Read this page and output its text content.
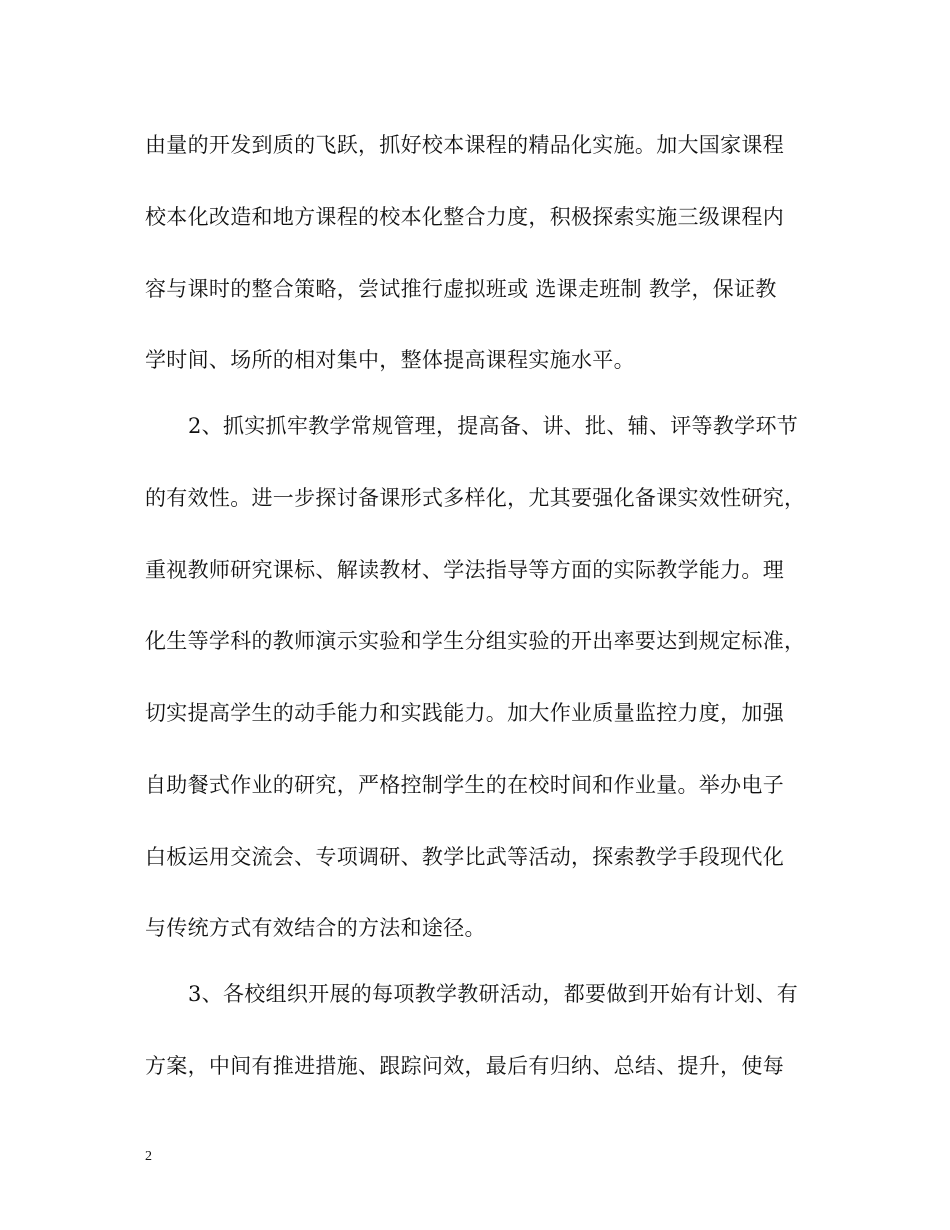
由量的开发到质的飞跃，抓好校本课程的精品化实施。加大国家课程
校本化改造和地方课程的校本化整合力度，积极探索实施三级课程内
容与课时的整合策略，尝试推行虚拟班或 选课走班制 教学，保证教
学时间、场所的相对集中，整体提高课程实施水平。
2、抓实抓牢教学常规管理，提高备、讲、批、辅、评等教学环节
的有效性。进一步探讨备课形式多样化，尤其要强化备课实效性研究，
重视教师研究课标、解读教材、学法指导等方面的实际教学能力。理
化生等学科的教师演示实验和学生分组实验的开出率要达到规定标准，
切实提高学生的动手能力和实践能力。加大作业质量监控力度，加强
自助餐式作业的研究，严格控制学生的在校时间和作业量。举办电子
白板运用交流会、专项调研、教学比武等活动，探索教学手段现代化
与传统方式有效结合的方法和途径。
3、各校组织开展的每项教学教研活动，都要做到开始有计划、有
方案，中间有推进措施、跟踪问效，最后有归纳、总结、提升，使每
2
